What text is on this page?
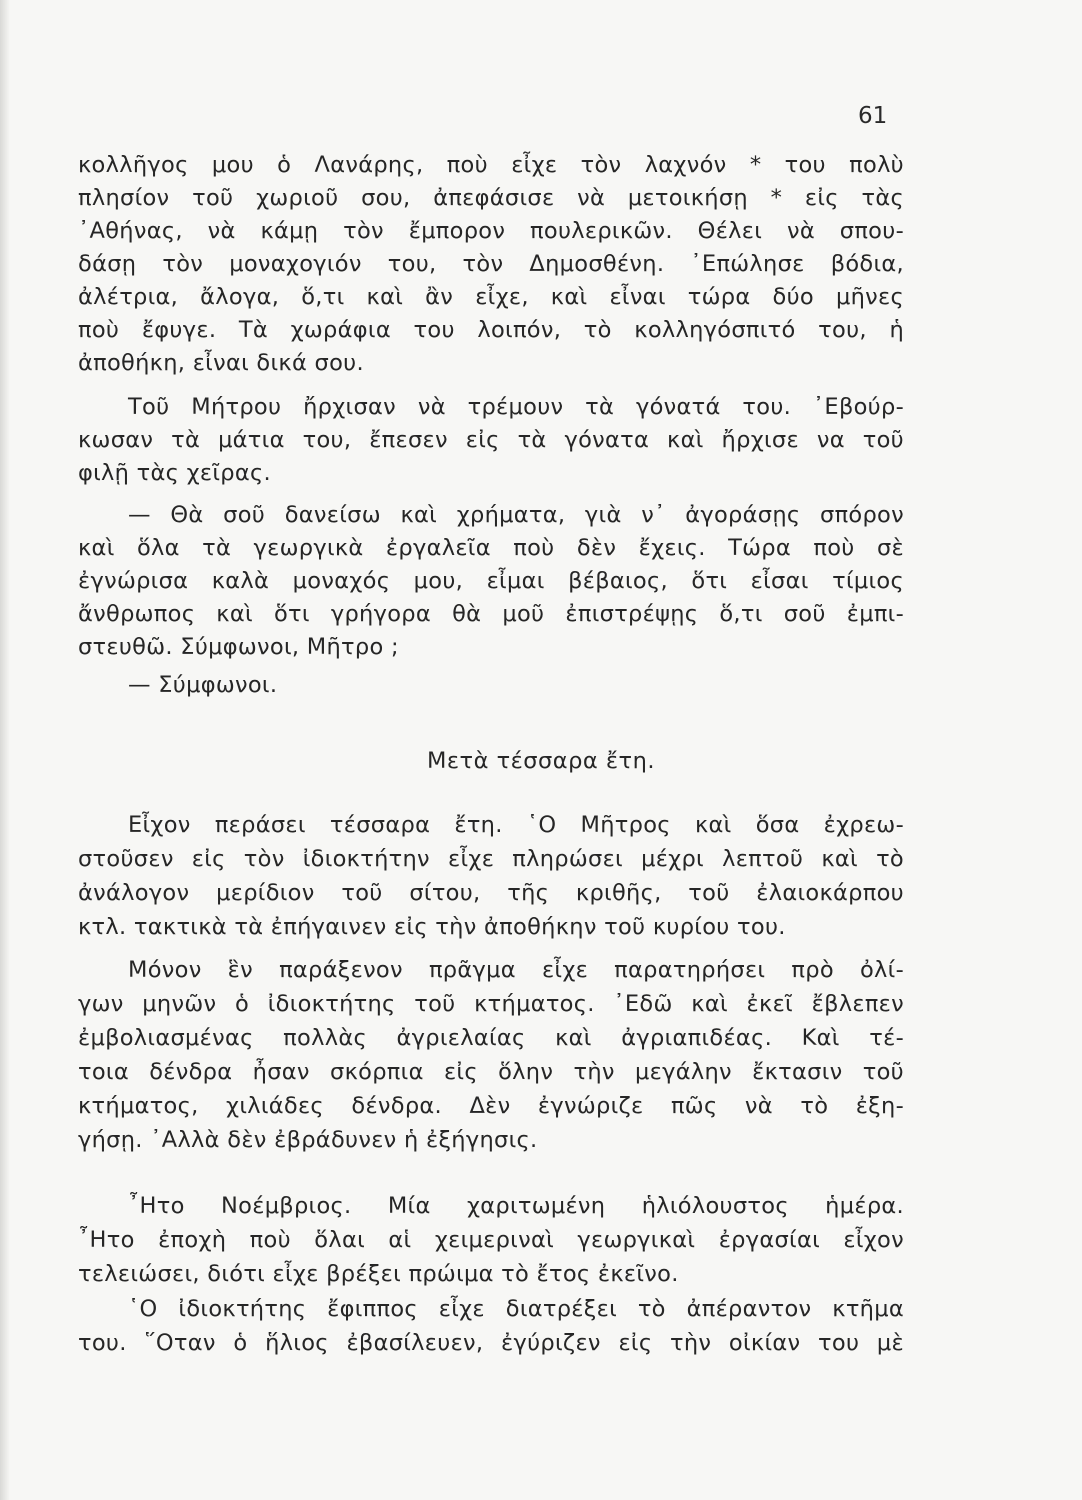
61
κολλῆγος μου ὁ Λανάρης, ποὺ εἶχε τὸν λαχνόν * του πολὺ
πλησίον τοῦ χωριοῦ σου, ἀπεφάσισε νὰ μετοικήσῃ * εἰς τὰς
᾿Αθήνας, νὰ κάμῃ τὸν ἔμπορον πουλερικῶν. Θέλει νὰ σπου-
δάσῃ τὸν μοναχογιόν του, τὸν Δημοσθένη. ᾿Επώλησε βόδια,
ἀλέτρια, ἄλογα, ὅ,τι καὶ ἂν εἶχε, καὶ εἶναι τώρα δύο μῆνες
ποὺ ἔφυγε. Τὰ χωράφια του λοιπόν, τὸ κολληγόσπιτό του, ἡ
ἀποθήκη, εἶναι δικά σου.
Τοῦ Μήτρου ἤρχισαν νὰ τρέμουν τὰ γόνατά του. ᾿Εβούρ-
κωσαν τὰ μάτια του, ἔπεσεν εἰς τὰ γόνατα καὶ ἤρχισε να τοῦ
φιλῇ τὰς χεῖρας.
— Θὰ σοῦ δανείσω καὶ χρήματα, γιὰ ν᾿ ἀγοράσῃς σπόρον
καὶ ὅλα τὰ γεωργικὰ ἐργαλεῖα ποὺ δὲν ἔχεις. Τώρα ποὺ σὲ
ἐγνώρισα καλὰ μοναχός μου, εἶμαι βέβαιος, ὅτι εἶσαι τίμιος
ἄνθρωπος καὶ ὅτι γρήγορα θὰ μοῦ ἐπιστρέψῃς ὅ,τι σοῦ ἐμπι-
στευθῶ. Σύμφωνοι, Μῆτρο ;
— Σύμφωνοι.
Μετὰ τέσσαρα ἔτη.
Εἶχον περάσει τέσσαρα ἔτη. ῾Ο Μῆτρος καὶ ὅσα ἐχρεω-
στοῦσεν εἰς τὸν ἰδιοκτήτην εἶχε πληρώσει μέχρι λεπτοῦ καὶ τὸ
ἀνάλογον μερίδιον τοῦ σίτου, τῆς κριθῆς, τοῦ ἐλαιοκάρπου
κτλ. τακτικὰ τὰ ἐπήγαινεν εἰς τὴν ἀποθήκην τοῦ κυρίου του.
Μόνον ἓν παράξενον πρᾶγμα εἶχε παρατηρήσει πρὸ ὀλί-
γων μηνῶν ὁ ἰδιοκτήτης τοῦ κτήματος. ᾿Εδῶ καὶ ἐκεῖ ἔβλεπεν
ἐμβολιασμένας πολλὰς ἀγριελαίας καὶ ἀγριαπιδέας. Καὶ τέ-
τοια δένδρα ἦσαν σκόρπια εἰς ὅλην τὴν μεγάλην ἔκτασιν τοῦ
κτήματος, χιλιάδες δένδρα. Δὲν ἐγνώριζε πῶς νὰ τὸ ἐξη-
γήσῃ. ᾿Αλλὰ δὲν ἐβράδυνεν ἡ ἐξήγησις.
῏Ητο Νοέμβριος. Μία χαριτωμένη ἡλιόλουστος ἡμέρα.
῏Ητο ἐποχὴ ποὺ ὅλαι αἱ χειμεριναὶ γεωργικαὶ ἐργασίαι εἶχον
τελειώσει, διότι εἶχε βρέξει πρώιμα τὸ ἔτος ἐκεῖνο.
῾Ο ἰδιοκτήτης ἔφιππος εἶχε διατρέξει τὸ ἀπέραντον κτῆμα
του. ῞Οταν ὁ ἥλιος ἐβασίλευεν, ἐγύριζεν εἰς τὴν οἰκίαν του μὲ
